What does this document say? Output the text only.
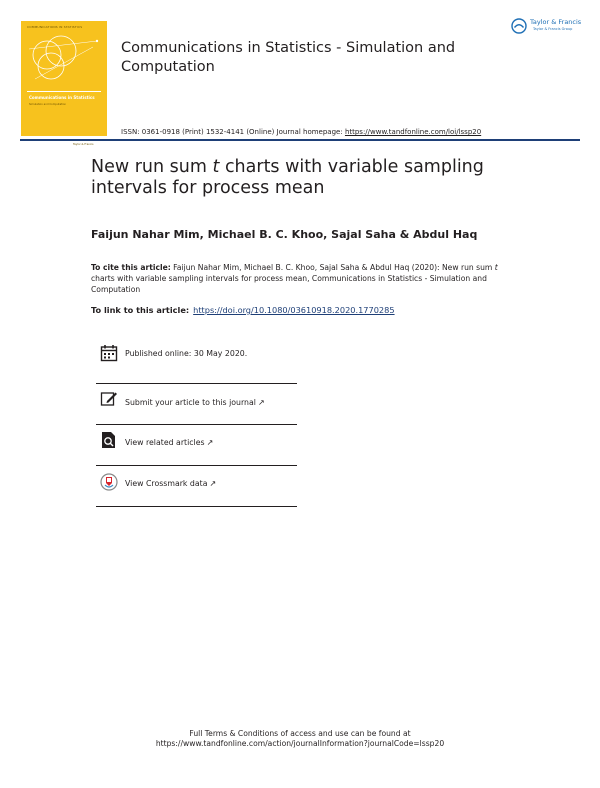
COMMUNICATIONS IN STATISTICS
Communications in Statistics
Simulation and Computation
Taylor & Francis
Communications in Statistics - Simulation and Computation
Taylor & Francis
Taylor & Francis Group
ISSN: 0361-0918 (Print) 1532-4141 (Online) Journal homepage: https://www.tandfonline.com/loi/lssp20
New run sum t charts with variable sampling intervals for process mean
Faijun Nahar Mim, Michael B. C. Khoo, Sajal Saha & Abdul Haq
To cite this article: Faijun Nahar Mim, Michael B. C. Khoo, Sajal Saha & Abdul Haq (2020): New run sum t charts with variable sampling intervals for process mean, Communications in Statistics - Simulation and Computation
To link to this article: https://doi.org/10.1080/03610918.2020.1770285
Published online: 30 May 2020.
Submit your article to this journal ↗
View related articles ↗
View Crossmark data ↗
Full Terms & Conditions of access and use can be found at
https://www.tandfonline.com/action/journalInformation?journalCode=lssp20
